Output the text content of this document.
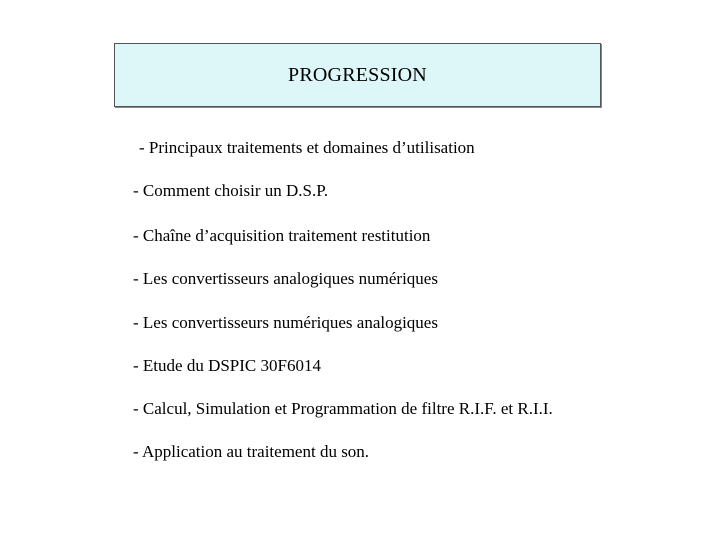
PROGRESSION
- Principaux traitements et domaines d’utilisation
- Comment choisir un D.S.P.
- Chaîne d’acquisition traitement restitution
- Les convertisseurs analogiques numériques
- Les convertisseurs numériques analogiques
- Etude du DSPIC 30F6014
- Calcul, Simulation et Programmation de filtre R.I.F. et R.I.I.
- Application au traitement du son.
